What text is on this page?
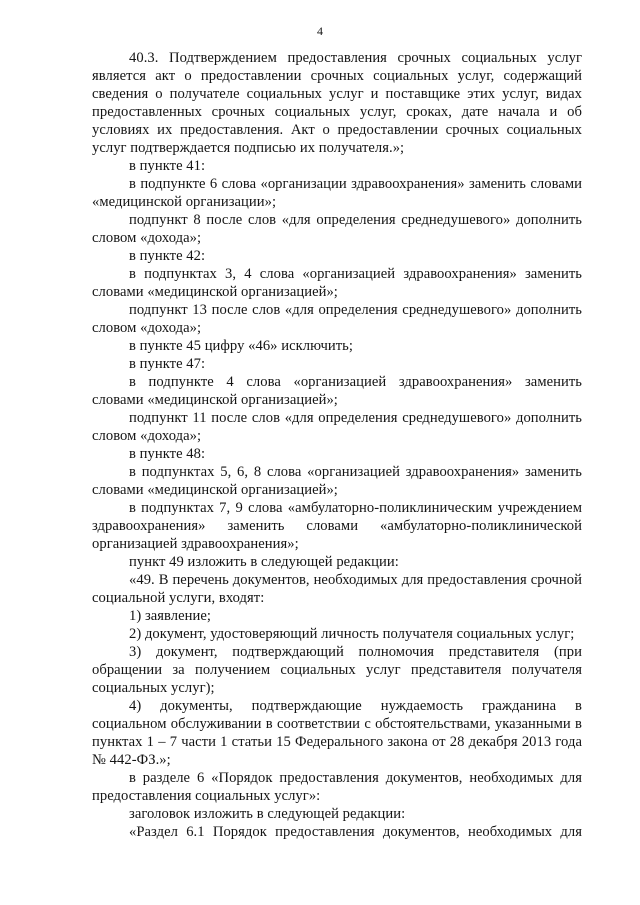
4

40.3. Подтверждением предоставления срочных социальных услуг является акт о предоставлении срочных социальных услуг, содержащий сведения о получателе социальных услуг и поставщике этих услуг, видах предоставленных срочных социальных услуг, сроках, дате начала и об условиях их предоставления. Акт о предоставлении срочных социальных услуг подтверждается подписью их получателя.»;

в пункте 41:

в подпункте 6 слова «организации здравоохранения» заменить словами «медицинской организации»;

подпункт 8 после слов «для определения среднедушевого» дополнить словом «дохода»;

в пункте 42:

в подпунктах 3, 4 слова «организацией здравоохранения» заменить словами «медицинской организацией»;

подпункт 13 после слов «для определения среднедушевого» дополнить словом «дохода»;

в пункте 45 цифру «46» исключить;

в пункте 47:

в подпункте 4 слова «организацией здравоохранения» заменить словами «медицинской организацией»;

подпункт 11 после слов «для определения среднедушевого» дополнить словом «дохода»;

в пункте 48:

в подпунктах 5, 6, 8 слова «организацией здравоохранения» заменить словами «медицинской организацией»;

в подпунктах 7, 9 слова «амбулаторно-поликлиническим учреждением здравоохранения» заменить словами «амбулаторно-поликлинической организацией здравоохранения»;

пункт 49 изложить в следующей редакции:

«49. В перечень документов, необходимых для предоставления срочной социальной услуги, входят:

1) заявление;

2) документ, удостоверяющий личность получателя социальных услуг;

3) документ, подтверждающий полномочия представителя (при обращении за получением социальных услуг представителя получателя социальных услуг);

4) документы, подтверждающие нуждаемость гражданина в социальном обслуживании в соответствии с обстоятельствами, указанными в пунктах 1 – 7 части 1 статьи 15 Федерального закона от 28 декабря 2013 года № 442-ФЗ.»;

в разделе 6 «Порядок предоставления документов, необходимых для предоставления социальных услуг»:

заголовок изложить в следующей редакции:

«Раздел 6.1 Порядок предоставления документов, необходимых для
